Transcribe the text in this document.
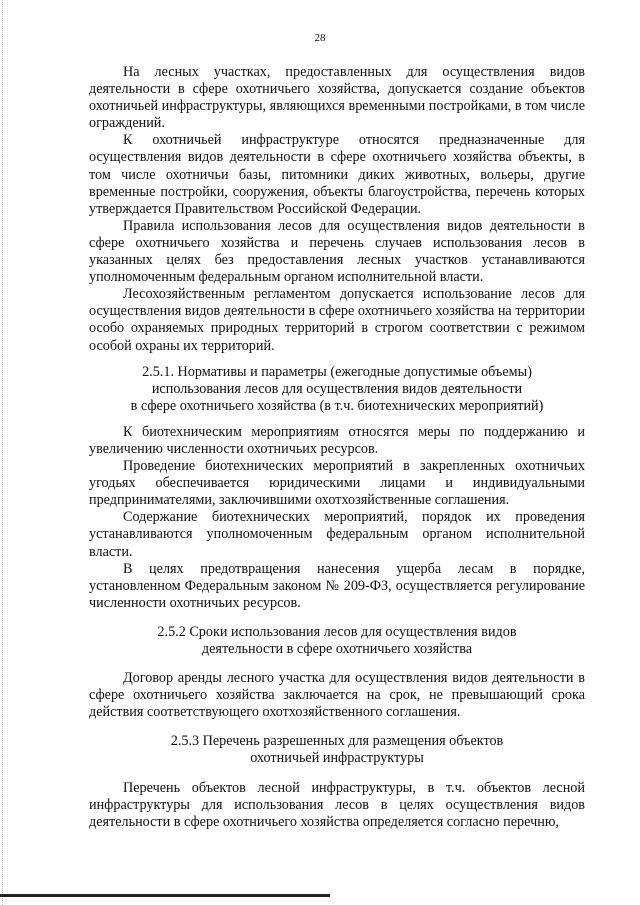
28

На лесных участках, предоставленных для осуществления видов деятельности в сфере охотничьего хозяйства, допускается создание объектов охотничьей инфраструктуры, являющихся временными постройками, в том числе ограждений.

К охотничьей инфраструктуре относятся предназначенные для осуществления видов деятельности в сфере охотничьего хозяйства объекты, в том числе охотничьи базы, питомники диких животных, вольеры, другие временные постройки, сооружения, объекты благоустройства, перечень которых утверждается Правительством Российской Федерации.

Правила использования лесов для осуществления видов деятельности в сфере охотничьего хозяйства и перечень случаев использования лесов в указанных целях без предоставления лесных участков устанавливаются уполномоченным федеральным органом исполнительной власти.

Лесохозяйственным регламентом допускается использование лесов для осуществления видов деятельности в сфере охотничьего хозяйства на территории особо охраняемых природных территорий в строгом соответствии с режимом особой охраны их территорий.

2.5.1. Нормативы и параметры (ежегодные допустимые объемы)

использования лесов для осуществления видов деятельности

в сфере охотничьего хозяйства (в т.ч. биотехнических мероприятий)

К биотехническим мероприятиям относятся меры по поддержанию и увеличению численности охотничьих ресурсов.

Проведение биотехнических мероприятий в закрепленных охотничьих угодьях обеспечивается юридическими лицами и индивидуальными предпринимателями, заключившими охотхозяйственные соглашения.

Содержание биотехнических мероприятий, порядок их проведения устанавливаются уполномоченным федеральным органом исполнительной власти.

В целях предотвращения нанесения ущерба лесам в порядке, установленном Федеральным законом № 209-ФЗ, осуществляется регулирование численности охотничьих ресурсов.

2.5.2 Сроки использования лесов для осуществления видов

деятельности в сфере охотничьего хозяйства

Договор аренды лесного участка для осуществления видов деятельности в сфере охотничьего хозяйства заключается на срок, не превышающий срока действия соответствующего охотхозяйственного соглашения.

2.5.3 Перечень разрешенных для размещения объектов

охотничьей инфраструктуры

Перечень объектов лесной инфраструктуры, в т.ч. объектов лесной инфраструктуры для использования лесов в целях осуществления видов деятельности в сфере охотничьего хозяйства определяется согласно перечню,
